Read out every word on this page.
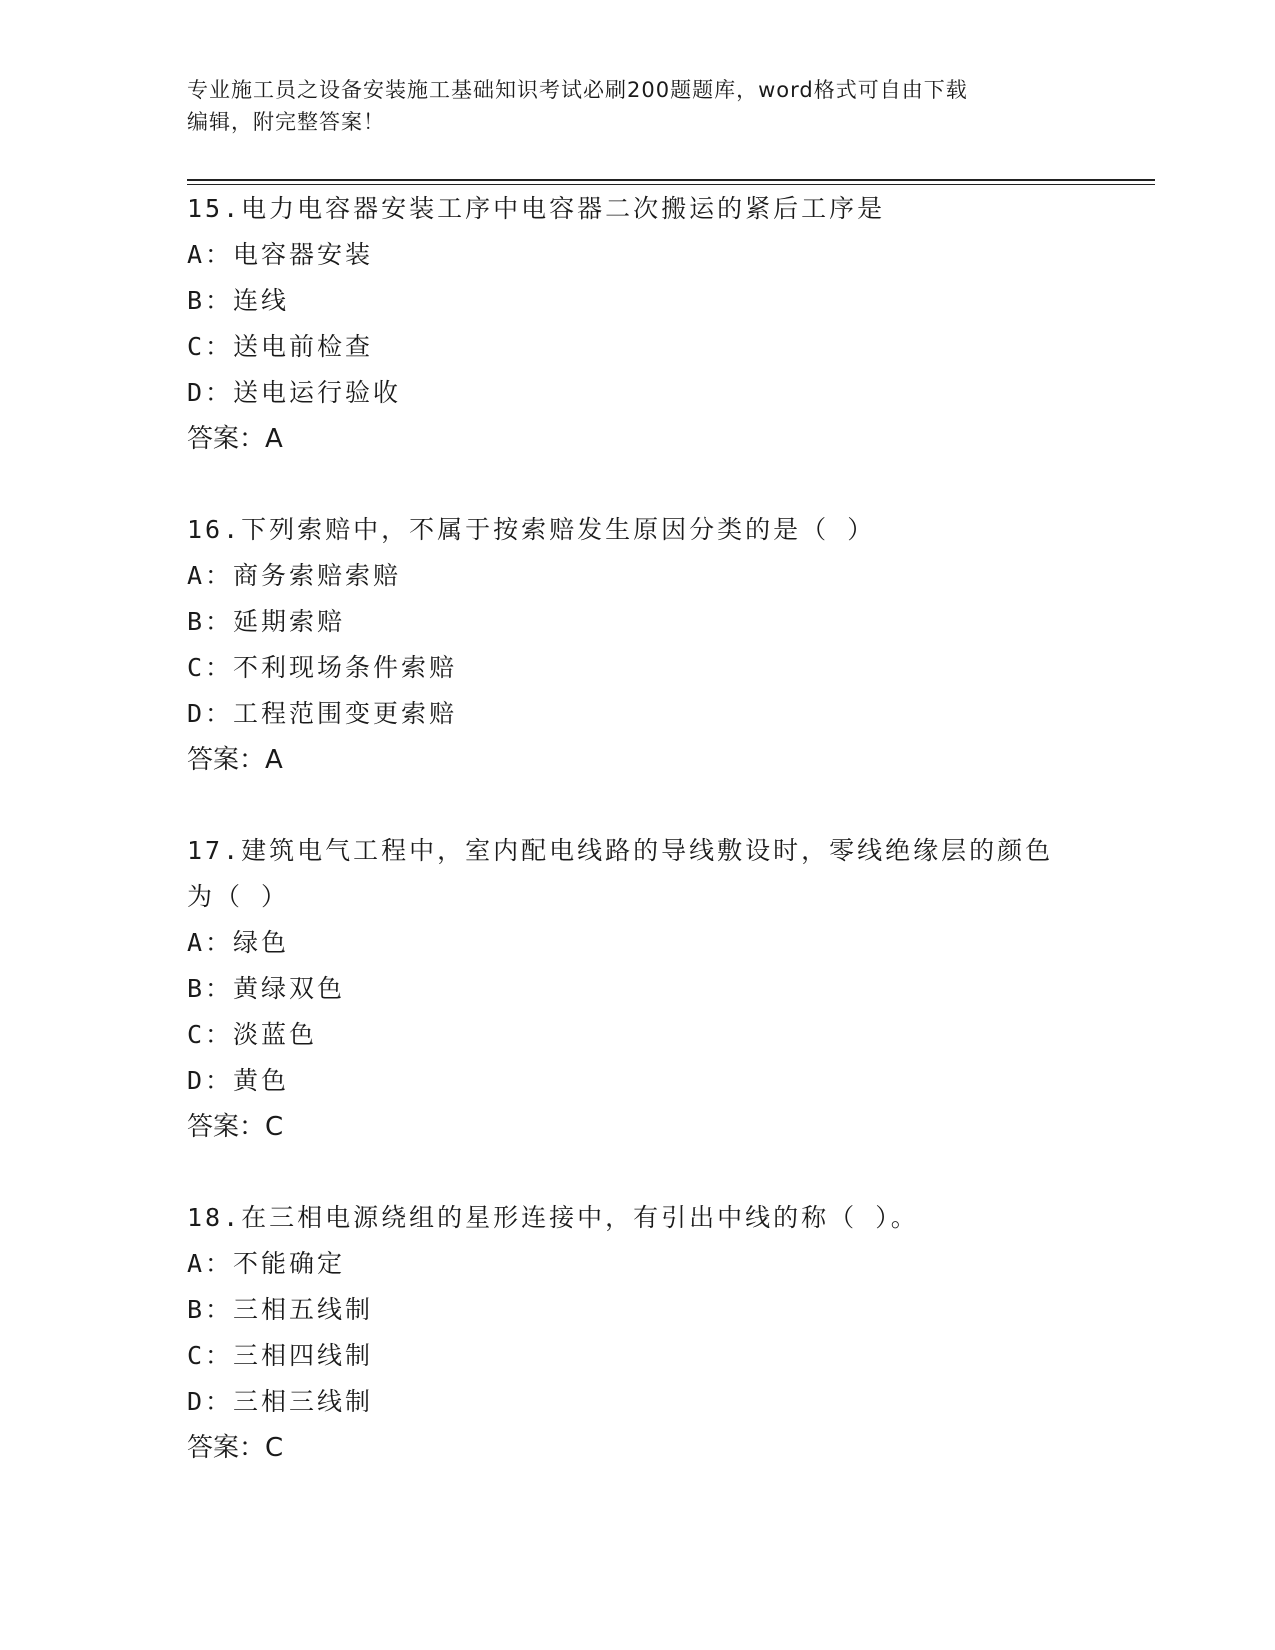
专业施工员之设备安装施工基础知识考试必刷200题题库，word格式可自由下载
编辑，附完整答案！
15.电力电容器安装工序中电容器二次搬运的紧后工序是
A：电容器安装
B：连线
C：送电前检查
D：送电运行验收
答案：A
16.下列索赔中，不属于按索赔发生原因分类的是（ ）
A：商务索赔索赔
B：延期索赔
C：不利现场条件索赔
D：工程范围变更索赔
答案：A
17.建筑电气工程中，室内配电线路的导线敷设时，零线绝缘层的颜色
为（ ）
A：绿色
B：黄绿双色
C：淡蓝色
D：黄色
答案：C
18.在三相电源绕组的星形连接中，有引出中线的称（ ）。
A：不能确定
B：三相五线制
C：三相四线制
D：三相三线制
答案：C
